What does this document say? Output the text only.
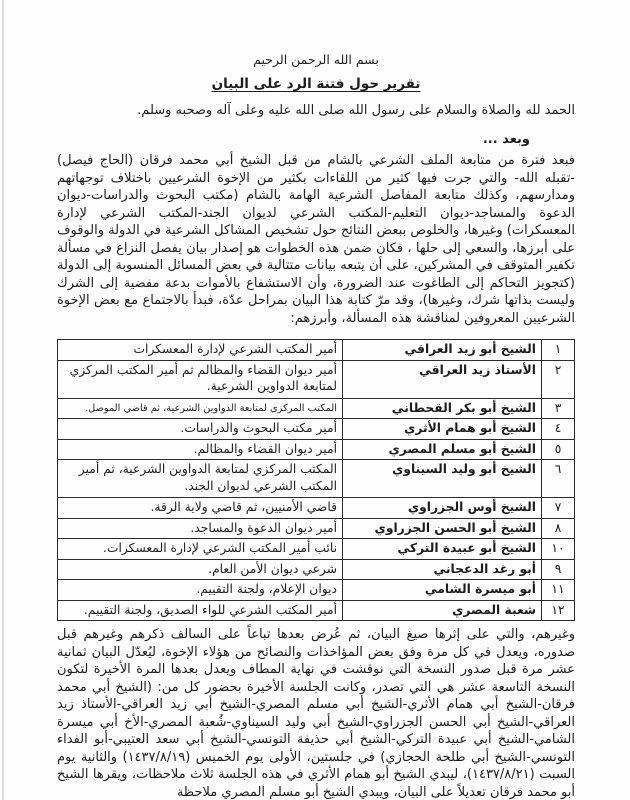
بسم الله الرحمن الرحيم
تقرير حول فتنة الرد على البيان
الحمد لله والصلاة والسلام على رسول الله صلى الله عليه وعلى آله وصحبه وسلم.
وبعد ...

فبعد فترة من متابعة الملف الشرعي بالشام من قبل الشيخ أبي محمد فرقان (الحاج فيصل) -تقبله الله- والتي جرت فيها كثير من اللقاءات بكثير من الإخوة الشرعيين باختلاف توجهاتهم ومدارسهم، وكذلك متابعة المفاصل الشرعية الهامة بالشام (مكتب البحوث والدراسات-ديوان الدعوة والمساجد-ديوان التعليم-المكتب الشرعي لديوان الجند-المكتب الشرعي لإدارة المعسكرات) وغيرها، والخلوص ببعض النتائج حول تشخيص المشاكل الشرعية في الدولة والوقوف على أبرزها، والسعي إلى حلها ، فكان ضمن هذه الخطوات هو إصدار بيان يفصل النزاع في مسألة تكفير المتوقف في المشركين، على أن يتبعه بيانات متتالية في بعض المسائل المنسوبة إلى الدولة (كتجويز التحاكم إلى الطاغوت عند الضرورة، وأن الاستشفاع بالأموات بدعة مفضية إلى الشرك وليست بذاتها شرك، وغيرها)، وقد مرّ كتابة هذا البيان بمراحل عدّة، فبدأ بالاجتماع مع بعض الإخوة الشرعيين المعروفين لمناقشة هذه المسألة، وأبرزهم:

١	الشيخ أبو زيد العراقي	أمير المكتب الشرعي لإدارة المعسكرات
٢	الأستاذ زيد العراقي	أمير ديوان القضاء والمظالم ثم أمير المكتب المركزي لمتابعة الدواوين الشرعية.
٣	الشيخ أبو بكر القحطاني	المكتب المركزي لمتابعة الدواوين الشرعية، ثم قاضي الموصل.
٤	الشيخ أبو همام الأثري	أمير مكتب البحوث والدراسات.
٥	الشيخ أبو مسلم المصري	أمير ديوان القضاء والمظالم.
٦	الشيخ أبو وليد السيناوي	المكتب المركزي لمتابعة الدواوين الشرعية، ثم أمير المكتب الشرعي لديوان الجند.
٧	الشيخ أوس الجزراوي	قاضي الأمنيين، ثم قاضي ولاية الرقة.
٨	الشيخ أبو الحسن الجزراوي	أمير ديوان الدعوة والمساجد.
١٠	الشيخ أبو عبيدة التركي	نائب أمير المكتب الشرعي لإدارة المعسكرات.
٩	أبو رغد الدعجاني	شرعي ديوان الأمن العام.
١١	أبو ميسرة الشامي	ديوان الإعلام، ولجنة التقييم.
١٢	شعبة المصري	أمير المكتب الشرعي للواء الصديق، ولجنة التقييم.

وغيرهم، والتي على إثرها صيغ البيان، ثم عُرض بعدها تباعاً على السالف ذكرهم وغيرهم قبل صدوره، ويعدل في كل مرة وفق بعض المؤاخذات والنصائح من هؤلاء الإخوة، ليُعدّل البيان ثمانية عشر مرة قبل صدور النسخة التي نوقشت في نهاية المطاف ويعدل بعدها المرة الأخيرة لتكون النسخة التاسعة عشر هي التي تصدر، وكانت الجلسة الأخيرة بحضور كل من: (الشيخ أبي محمد فرقان-الشيخ أبي همام الأثري-الشيخ أبي مسلم المصري-الشيخ أبي زيد العراقي-الأستاذ زيد العراقي-الشيخ أبي الحسن الجزراوي-الشيخ أبي وليد السيناوي-شُعبة المصري-الأخ أبي ميسرة الشامي-الشيخ أبي عبيدة التركي-الشيخ أبي حذيفة التونسي-الشيخ أبي سعد العتيبي-أبو الفداء التونسي-الشيخ أبي طلحة الحجازي) في جلستين، الأولى يوم الخميس (١٤٣٧/٨/١٩) والثانية يوم السبت (١٤٣٧/٨/٢١)، ليبدي الشيخ أبو همام الأثري في هذه الجلسة ثلاث ملاحظات، ويقرها الشيخ أبو محمد فرقان تعديلاً على البيان، ويبدي الشيخ أبو مسلم المصري ملاحظة
